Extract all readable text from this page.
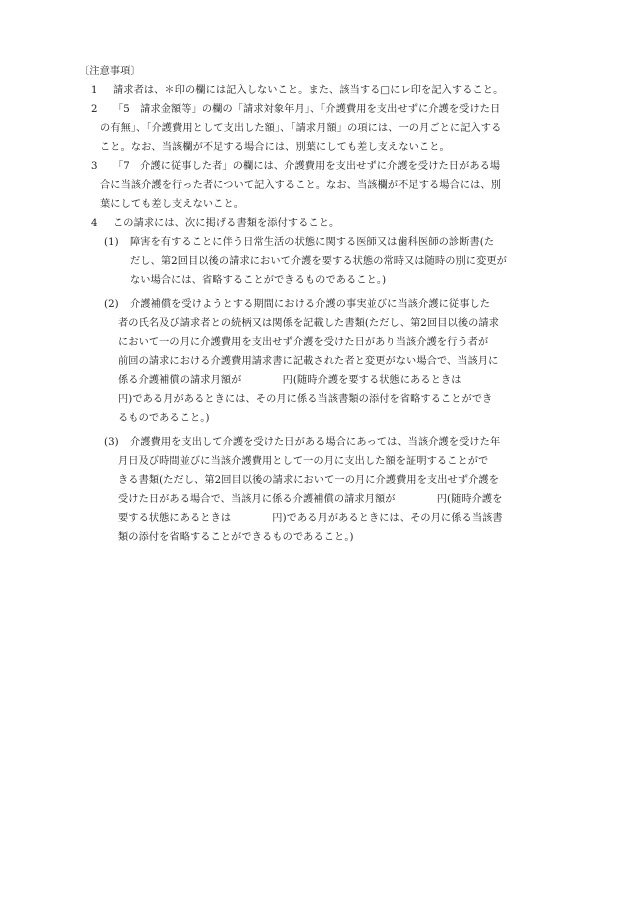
〔注意事項〕
1 請求者は、＊印の欄には記入しないこと。また、該当する□にレ印を記入すること。
2 「5　請求金額等」の欄の「請求対象年月」、「介護費用を支出せずに介護を受けた日
の有無」、「介護費用として支出した額」、「請求月額」の項には、一の月ごとに記入する
こと。なお、当該欄が不足する場合には、別葉にしても差し支えないこと。
3 「7　介護に従事した者」の欄には、介護費用を支出せずに介護を受けた日がある場
合に当該介護を行った者について記入すること。なお、当該欄が不足する場合には、別
葉にしても差し支えないこと。
4 この請求には、次に掲げる書類を添付すること。
(1) 障害を有することに伴う日常生活の状態に関する医師又は歯科医師の診断書(た
だし、第2回目以後の請求において介護を要する状態の常時又は随時の別に変更が
ない場合には、省略することができるものであること。)
(2) 介護補償を受けようとする期間における介護の事実並びに当該介護に従事した
者の氏名及び請求者との続柄又は関係を記載した書類(ただし、第2回目以後の請求
において一の月に介護費用を支出せず介護を受けた日があり当該介護を行う者が
前回の請求における介護費用請求書に記載された者と変更がない場合で、当該月に
係る介護補償の請求月額が　　　　円(随時介護を要する状態にあるときは
円)である月があるときには、その月に係る当該書類の添付を省略することができ
るものであること。)
(3) 介護費用を支出して介護を受けた日がある場合にあっては、当該介護を受けた年
月日及び時間並びに当該介護費用として一の月に支出した額を証明することがで
きる書類(ただし、第2回目以後の請求において一の月に介護費用を支出せず介護を
受けた日がある場合で、当該月に係る介護補償の請求月額が　　　　円(随時介護を
要する状態にあるときは　　　　円)である月があるときには、その月に係る当該書
類の添付を省略することができるものであること。)
